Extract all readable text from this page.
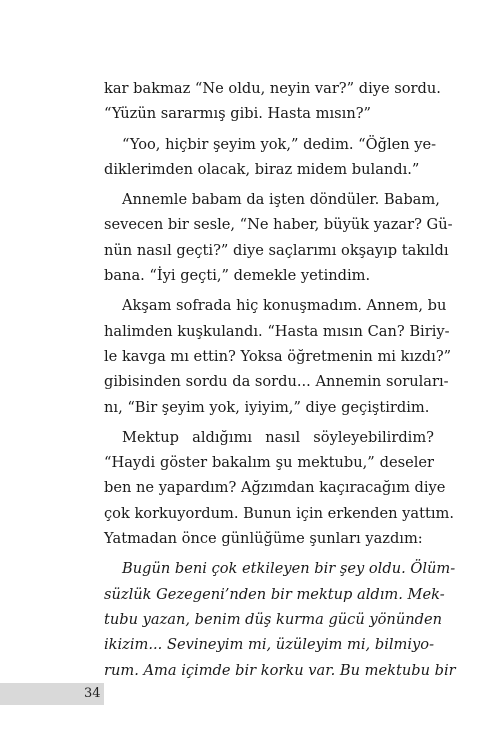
kar bakmaz “Ne oldu, neyin var?” diye sordu.
“Yüzün sararmış gibi. Hasta mısın?”

“Yoo, hiçbir şeyim yok,” dedim. “Öğlen ye-
diklerimden olacak, biraz midem bulandı.”

Annemle babam da işten döndüler. Babam,
sevecen bir sesle, “Ne haber, büyük yazar? Gü-
nün nasıl geçti?” diye saçlarımı okşayıp takıldı
bana. “İyi geçti,” demekle yetindim.

Akşam sofrada hiç konuşmadım. Annem, bu
halimden kuşkulandı. “Hasta mısın Can? Biriy-
le kavga mı ettin? Yoksa öğretmenin mi kızdı?”
gibisinden sordu da sordu... Annemin soruları-
nı, “Bir şeyim yok, iyiyim,” diye geçiştirdim.

Mektup aldığımı nasıl söyleyebilirdim?
“Haydi göster bakalım şu mektubu,” deseler
ben ne yapardım? Ağzımdan kaçıracağım diye
çok korkuyordum. Bunun için erkenden yattım.
Yatmadan önce günlüğüme şunları yazdım:

Bugün beni çok etkileyen bir şey oldu. Ölüm-
süzlük Gezegeni’nden bir mektup aldım. Mek-
tubu yazan, benim düş kurma gücü yönünden
ikizim... Sevineyim mi, üzüleyim mi, bilmiyo-
rum. Ama içimde bir korku var. Bu mektubu bir

34
